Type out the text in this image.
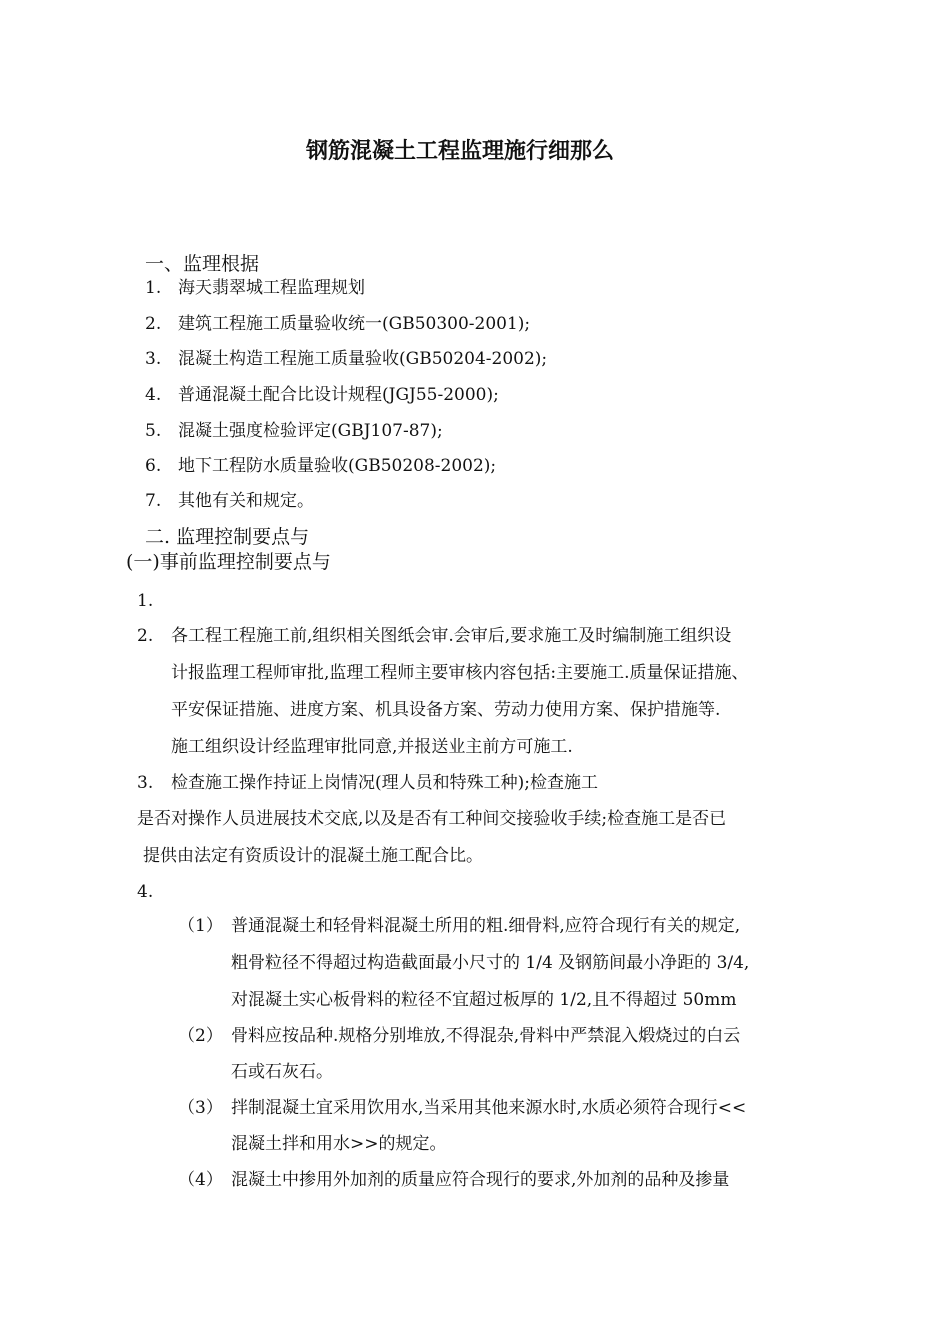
钢筋混凝土工程监理施行细那么
一、监理根据
1. 海天翡翠城工程监理规划
2. 建筑工程施工质量验收统一(GB50300-2001);
3. 混凝土构造工程施工质量验收(GB50204-2002);
4. 普通混凝土配合比设计规程(JGJ55-2000);
5. 混凝土强度检验评定(GBJ107-87);
6. 地下工程防水质量验收(GB50208-2002);
7. 其他有关和规定。
二. 监理控制要点与
(一)事前监理控制要点与
1.
2. 各工程工程施工前,组织相关图纸会审.会审后,要求施工及时编制施工组织设
计报监理工程师审批,监理工程师主要审核内容包括:主要施工.质量保证措施、
平安保证措施、进度方案、机具设备方案、劳动力使用方案、保护措施等.
施工组织设计经监理审批同意,并报送业主前方可施工.
3. 检查施工操作持证上岗情况(理人员和特殊工种);检查施工
是否对操作人员进展技术交底,以及是否有工种间交接验收手续;检查施工是否已
提供由法定有资质设计的混凝土施工配合比。
4.
（1） 普通混凝土和轻骨料混凝土所用的粗.细骨料,应符合现行有关的规定,
粗骨粒径不得超过构造截面最小尺寸的 1/4 及钢筋间最小净距的 3/4,
对混凝土实心板骨料的粒径不宜超过板厚的 1/2,且不得超过 50mm
（2） 骨料应按品种.规格分别堆放,不得混杂,骨料中严禁混入煅烧过的白云
石或石灰石。
（3） 拌制混凝土宜采用饮用水,当采用其他来源水时,水质必须符合现行<<
混凝土拌和用水>>的规定。
（4） 混凝土中掺用外加剂的质量应符合现行的要求,外加剂的品种及掺量
